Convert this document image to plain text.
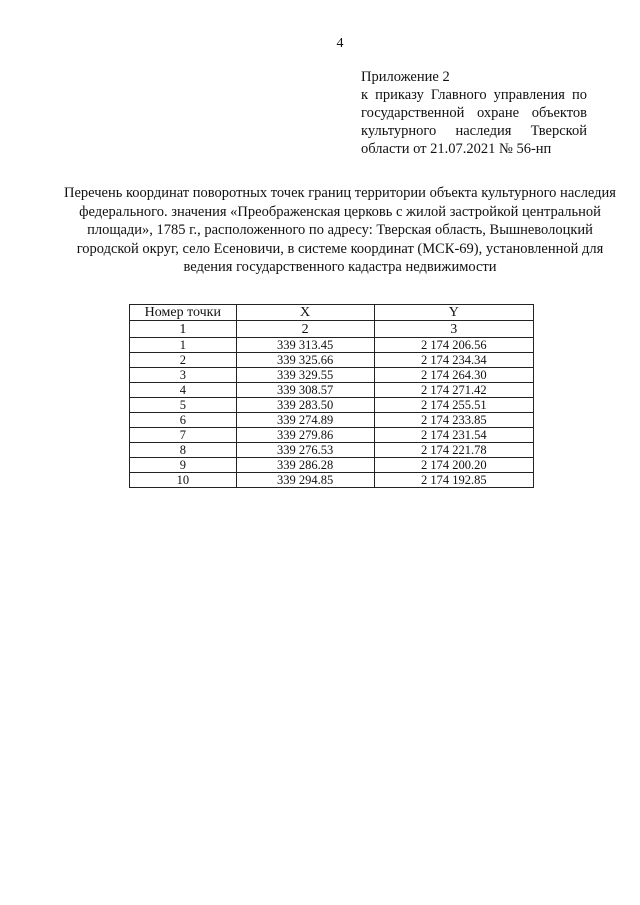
4
Приложение 2
к приказу Главного управления по государственной охране объектов культурного наследия Тверской области от 21.07.2021 № 56-нп
Перечень координат поворотных точек границ территории объекта культурного наследия федерального. значения «Преображенская церковь с жилой застройкой центральной площади», 1785 г., расположенного по адресу: Тверская область, Вышневолоцкий городской округ, село Есеновичи, в системе координат (МСК-69), установленной для ведения государственного кадастра недвижимости
Номер точки	X	Y
1	2	3
1	339 313.45	2 174 206.56
2	339 325.66	2 174 234.34
3	339 329.55	2 174 264.30
4	339 308.57	2 174 271.42
5	339 283.50	2 174 255.51
6	339 274.89	2 174 233.85
7	339 279.86	2 174 231.54
8	339 276.53	2 174 221.78
9	339 286.28	2 174 200.20
10	339 294.85	2 174 192.85
